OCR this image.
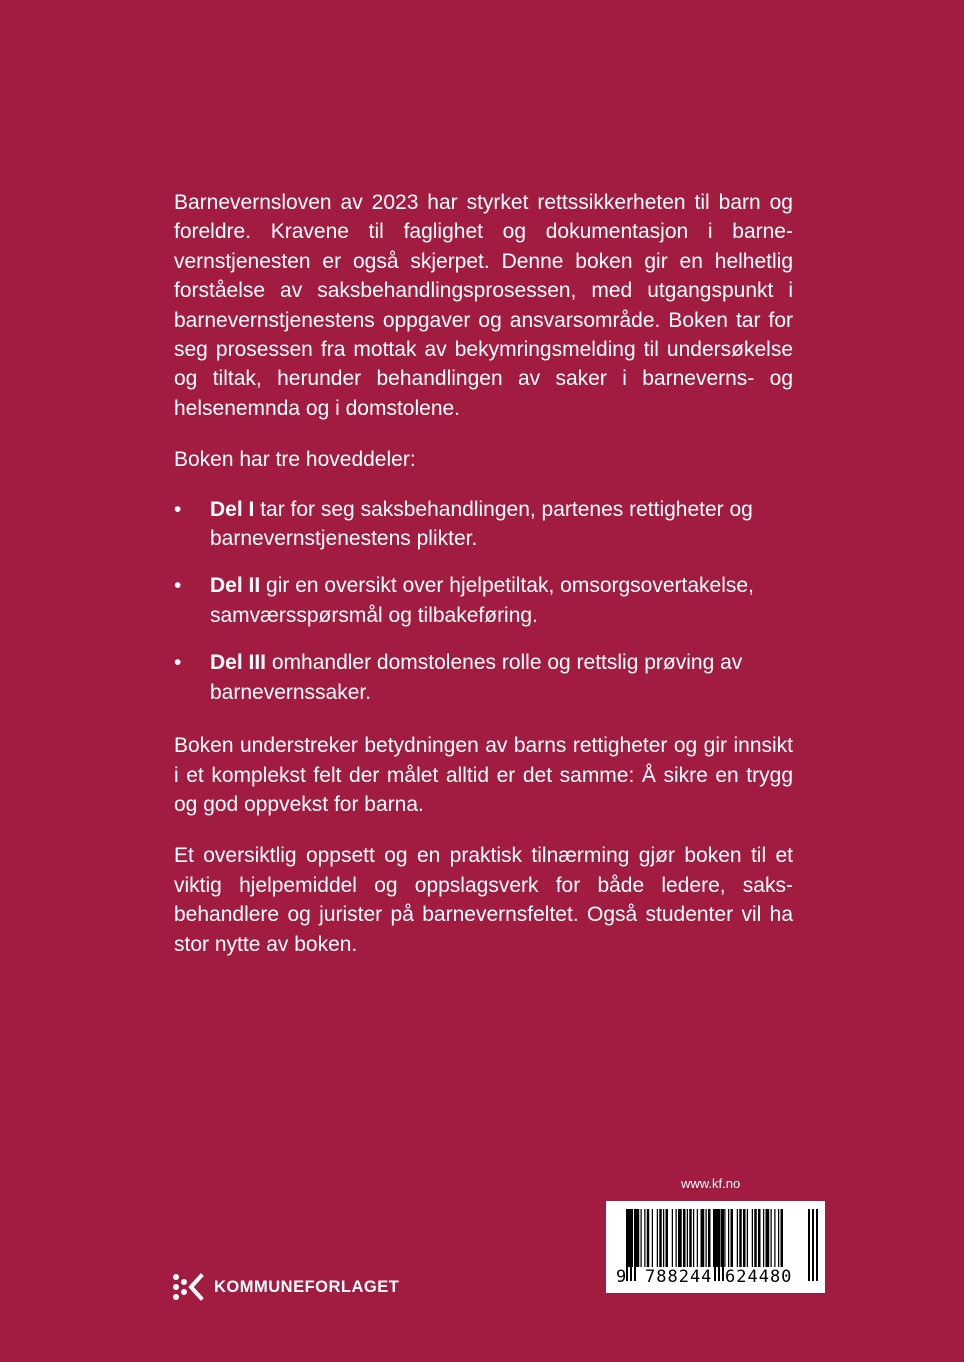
Barnevernsloven av 2023 har styrket rettssikkerheten til barn og foreldre. Kravene til faglighet og dokumentasjon i barnevernstjenesten er også skjerpet. Denne boken gir en helhetlig forståelse av saksbehandlingsprosessen, med utgangspunkt i barnevernstjenestens oppgaver og ansvarsområde. Boken tar for seg prosessen fra mottak av bekymringsmelding til undersøkelse og tiltak, herunder behandlingen av saker i barneverns- og helsenemnda og i domstolene.

Boken har tre hoveddeler:

• Del I tar for seg saksbehandlingen, partenes rettigheter og barnevernstjenestens plikter.
• Del II gir en oversikt over hjelpetiltak, omsorgsovertakelse, samværsspørsmål og tilbakeføring.
• Del III omhandler domstolenes rolle og rettslig prøving av barnevernssaker.

Boken understreker betydningen av barns rettigheter og gir innsikt i et komplekst felt der målet alltid er det samme: Å sikre en trygg og god oppvekst for barna.

Et oversiktlig oppsett og en praktisk tilnærming gjør boken til et viktig hjelpemiddel og oppslagsverk for både ledere, saksbehandlere og jurister på barnevernsfeltet. Også studenter vil ha stor nytte av boken.

www.kf.no
9 788244 624480
KOMMUNEFORLAGET
